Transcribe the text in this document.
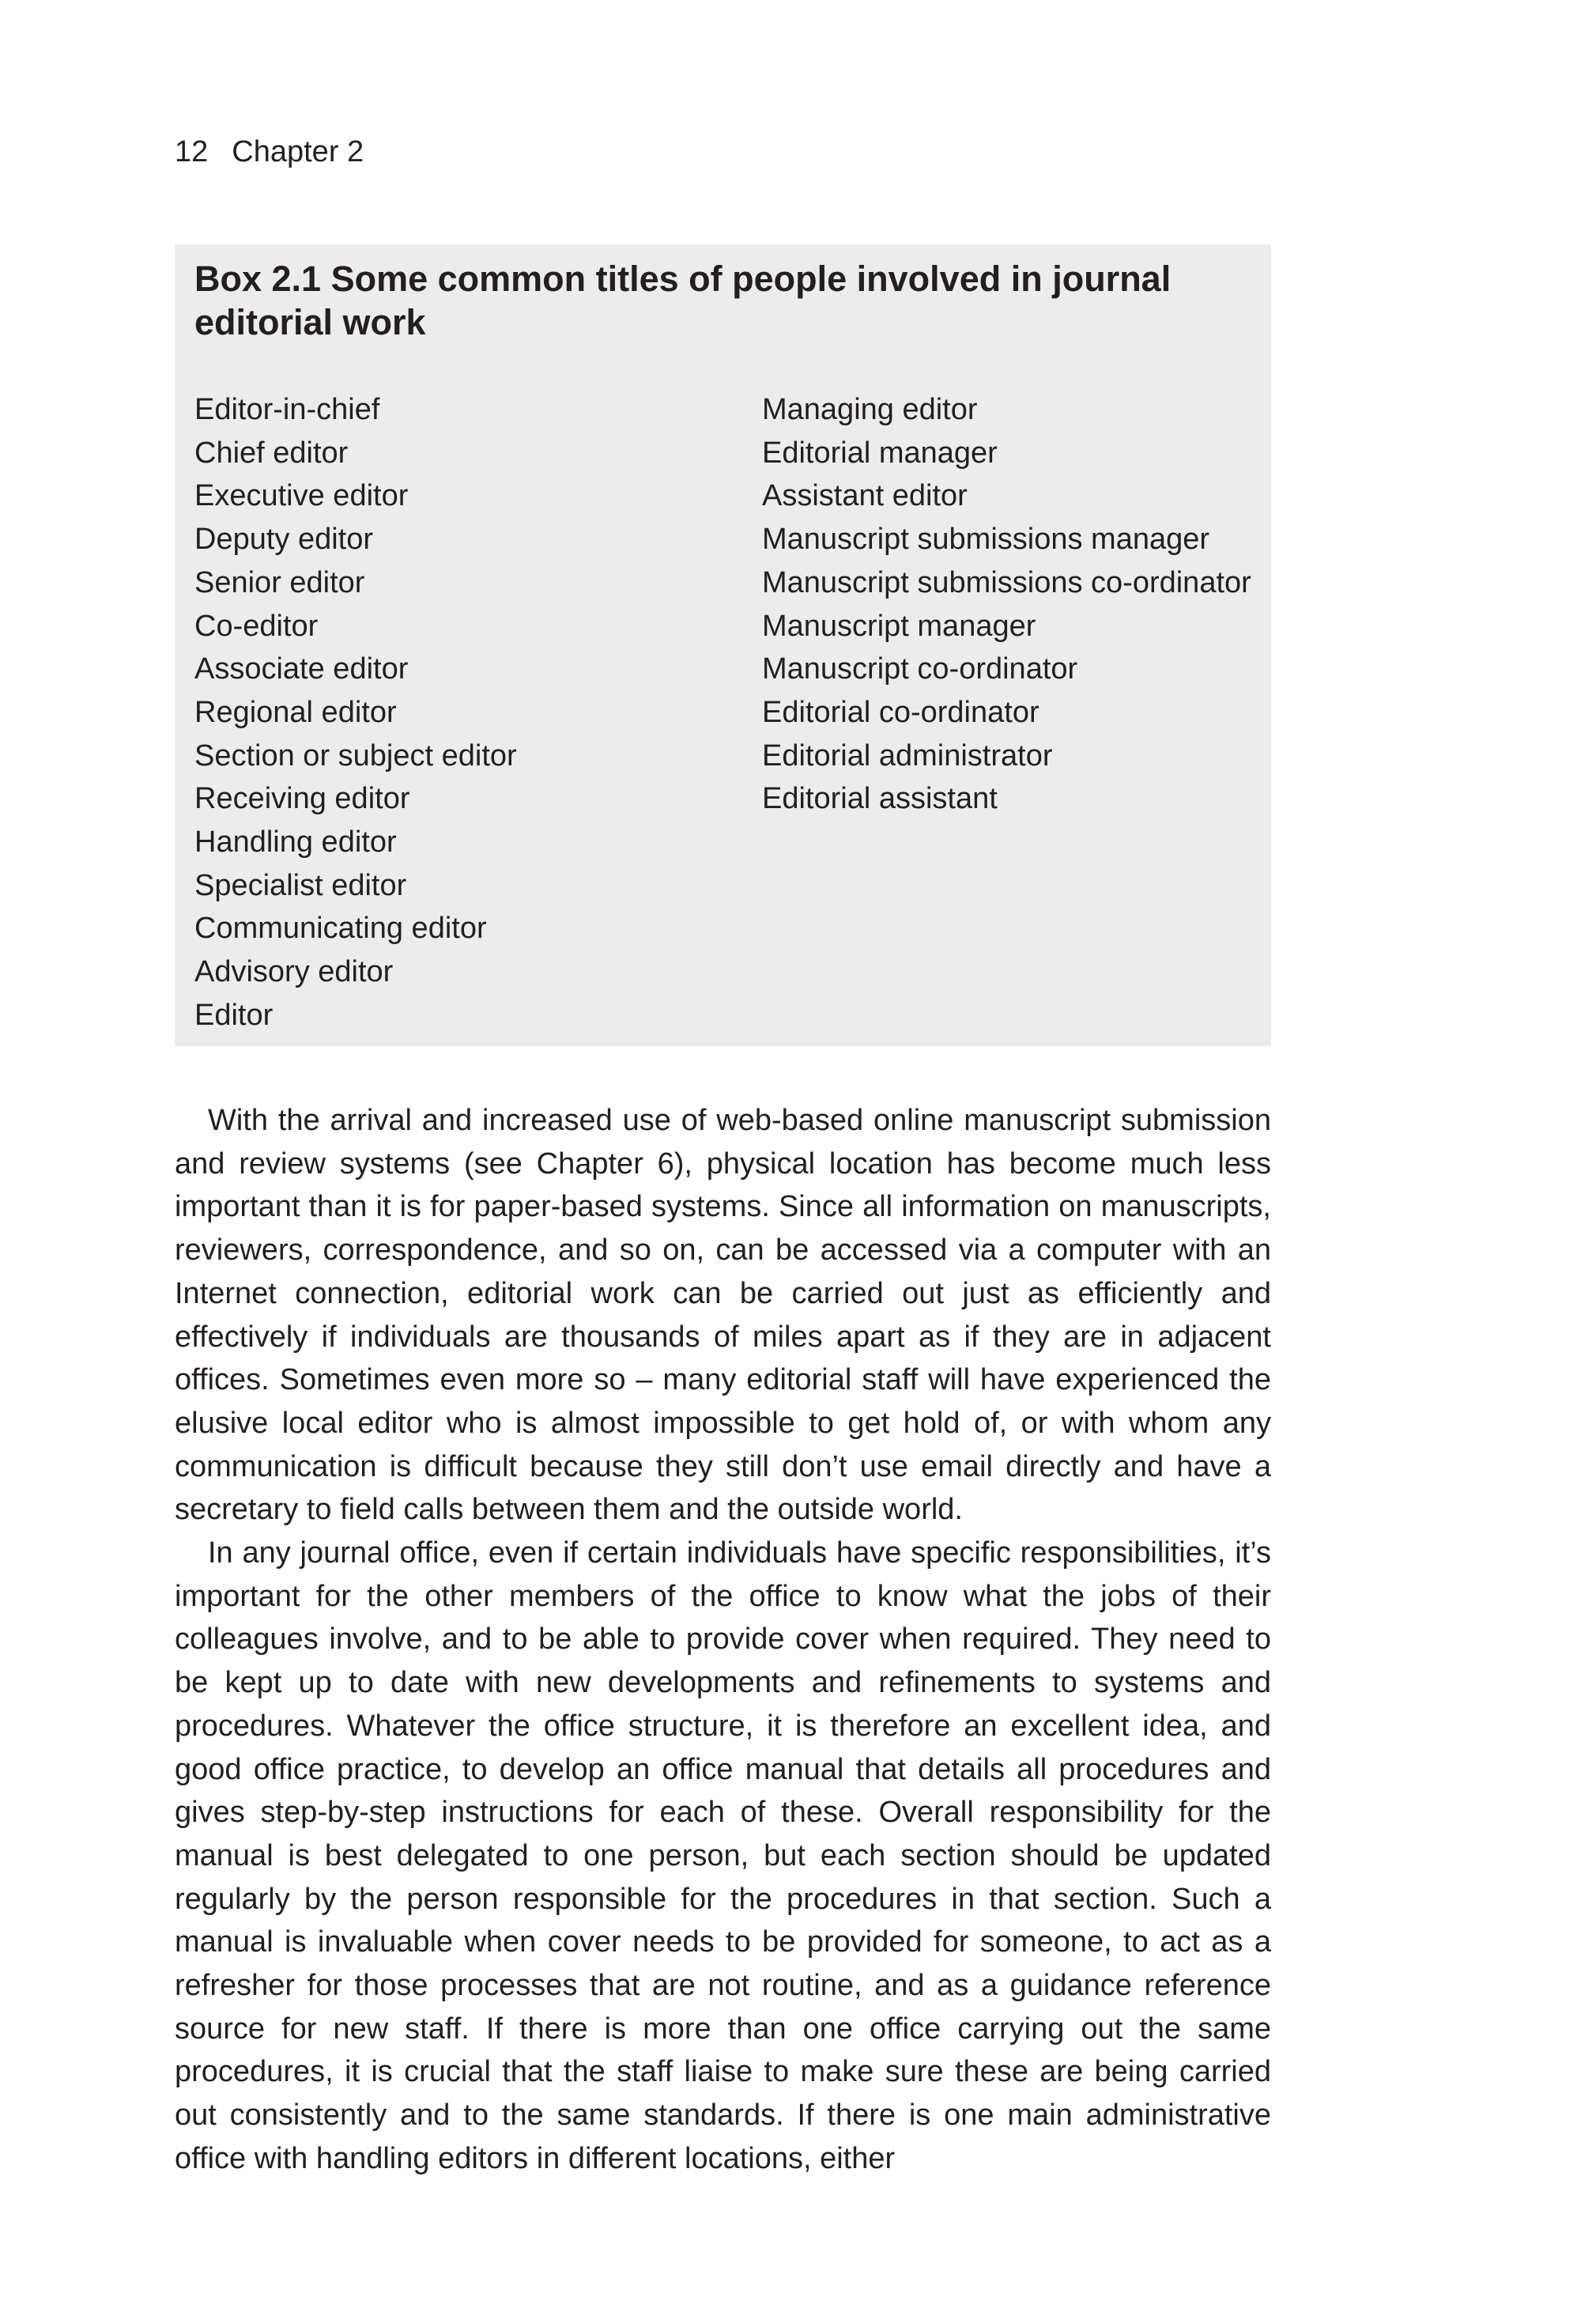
12 Chapter 2
Box 2.1 Some common titles of people involved in journal editorial work
Editor-in-chief
Chief editor
Executive editor
Deputy editor
Senior editor
Co-editor
Associate editor
Regional editor
Section or subject editor
Receiving editor
Handling editor
Specialist editor
Communicating editor
Advisory editor
Editor
Managing editor
Editorial manager
Assistant editor
Manuscript submissions manager
Manuscript submissions co-ordinator
Manuscript manager
Manuscript co-ordinator
Editorial co-ordinator
Editorial administrator
Editorial assistant

With the arrival and increased use of web-based online manuscript submission and review systems (see Chapter 6), physical location has become much less important than it is for paper-based systems. Since all information on manuscripts, reviewers, correspondence, and so on, can be accessed via a computer with an Internet connection, editorial work can be carried out just as efficiently and effectively if individuals are thousands of miles apart as if they are in adjacent offices. Sometimes even more so – many editorial staff will have experienced the elusive local editor who is almost impossible to get hold of, or with whom any communication is difficult because they still don’t use email directly and have a secretary to field calls between them and the outside world.

In any journal office, even if certain individuals have specific responsibilities, it’s important for the other members of the office to know what the jobs of their colleagues involve, and to be able to provide cover when required. They need to be kept up to date with new developments and refinements to systems and procedures. Whatever the office structure, it is therefore an excellent idea, and good office practice, to develop an office manual that details all procedures and gives step-by-step instructions for each of these. Overall responsibility for the manual is best delegated to one person, but each section should be updated regularly by the person responsible for the procedures in that section. Such a manual is invaluable when cover needs to be provided for someone, to act as a refresher for those processes that are not routine, and as a guidance reference source for new staff. If there is more than one office carrying out the same procedures, it is crucial that the staff liaise to make sure these are being carried out consistently and to the same standards. If there is one main administrative office with handling editors in different locations, either
